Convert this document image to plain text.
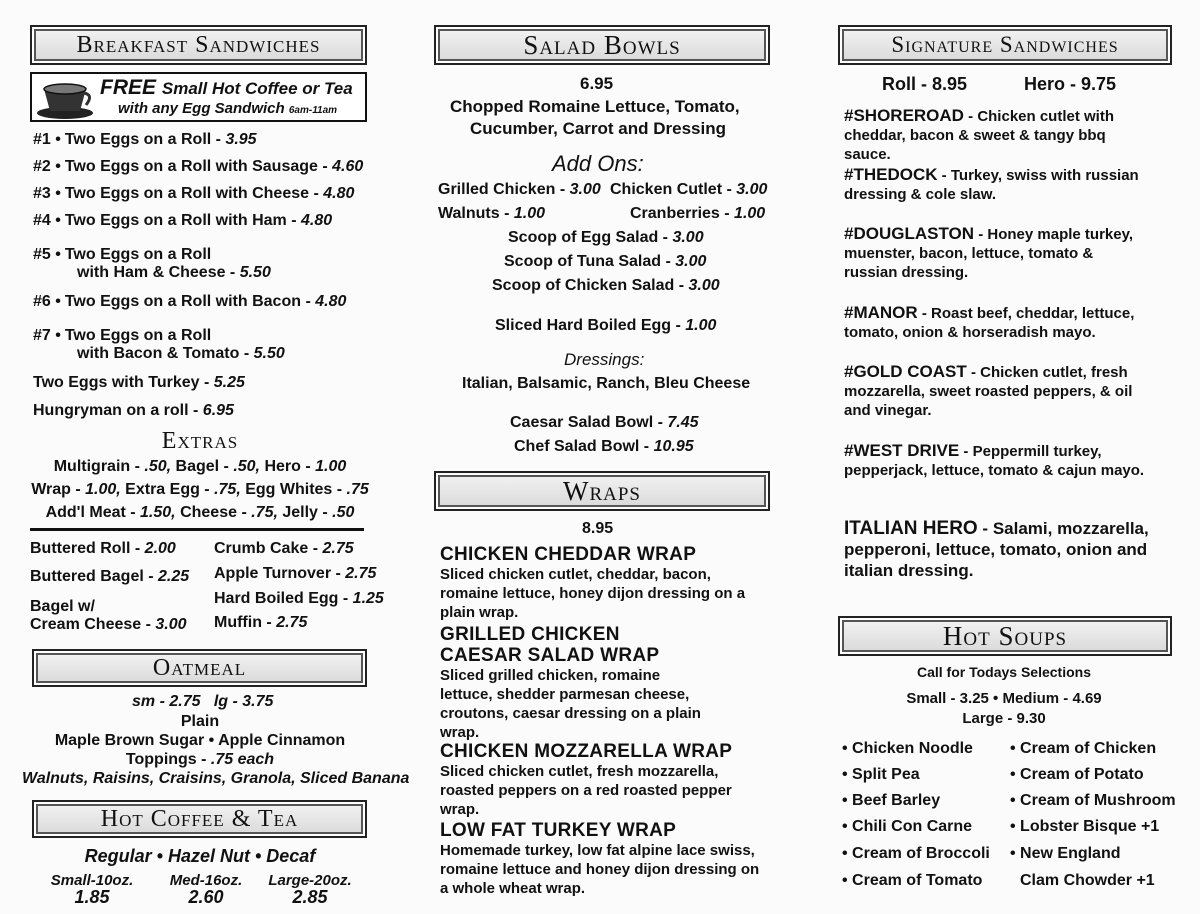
Breakfast Sandwiches
FREE Small Hot Coffee or Tea
with any Egg Sandwich 6am-11am
#1 • Two Eggs on a Roll - 3.95
#2 • Two Eggs on a Roll with Sausage - 4.60
#3 • Two Eggs on a Roll with Cheese - 4.80
#4 • Two Eggs on a Roll with Ham - 4.80
#5 • Two Eggs on a Roll
with Ham & Cheese - 5.50
#6 • Two Eggs on a Roll with Bacon - 4.80
#7 • Two Eggs on a Roll
with Bacon & Tomato - 5.50
Two Eggs with Turkey - 5.25
Hungryman on a roll - 6.95
Extras
Multigrain - .50, Bagel - .50, Hero - 1.00
Wrap - 1.00, Extra Egg - .75, Egg Whites - .75
Add'l Meat - 1.50, Cheese - .75, Jelly - .50
Buttered Roll - 2.00
Buttered Bagel - 2.25
Bagel w/
Cream Cheese - 3.00
Crumb Cake - 2.75
Apple Turnover - 2.75
Hard Boiled Egg - 1.25
Muffin - 2.75
Oatmeal
sm - 2.75 lg - 3.75
Plain
Maple Brown Sugar • Apple Cinnamon
Toppings - .75 each
Walnuts, Raisins, Craisins, Granola, Sliced Banana
Hot Coffee & Tea
Regular • Hazel Nut • Decaf
Small-10oz.
1.85
Med-16oz.
2.60
Large-20oz.
2.85
Salad Bowls
6.95
Chopped Romaine Lettuce, Tomato,
Cucumber, Carrot and Dressing
Add Ons:
Grilled Chicken - 3.00 Chicken Cutlet - 3.00
Walnuts - 1.00	Cranberries - 1.00
Scoop of Egg Salad - 3.00
Scoop of Tuna Salad - 3.00
Scoop of Chicken Salad - 3.00
Sliced Hard Boiled Egg - 1.00
Dressings:
Italian, Balsamic, Ranch, Bleu Cheese
Caesar Salad Bowl - 7.45
Chef Salad Bowl - 10.95
Wraps
8.95
CHICKEN CHEDDAR WRAP
Sliced chicken cutlet, cheddar, bacon, romaine lettuce, honey dijon dressing on a plain wrap.
GRILLED CHICKEN
CAESAR SALAD WRAP
Sliced grilled chicken, romaine lettuce, shedder parmesan cheese, croutons, caesar dressing on a plain wrap.
CHICKEN MOZZARELLA WRAP
Sliced chicken cutlet, fresh mozzarella, roasted peppers on a red roasted pepper wrap.
LOW FAT TURKEY WRAP
Homemade turkey, low fat alpine lace swiss, romaine lettuce and honey dijon dressing on a whole wheat wrap.
Signature Sandwiches
Roll - 8.95	Hero - 9.75
#SHOREROAD - Chicken cutlet with cheddar, bacon & sweet & tangy bbq sauce.
#THEDOCK - Turkey, swiss with russian dressing & cole slaw.
#DOUGLASTON - Honey maple turkey, muenster, bacon, lettuce, tomato & russian dressing.
#MANOR - Roast beef, cheddar, lettuce, tomato, onion & horseradish mayo.
#GOLD COAST - Chicken cutlet, fresh mozzarella, sweet roasted peppers, & oil and vinegar.
#WEST DRIVE - Peppermill turkey, pepperjack, lettuce, tomato & cajun mayo.
ITALIAN HERO - Salami, mozzarella, pepperoni, lettuce, tomato, onion and italian dressing.
Hot Soups
Call for Todays Selections
Small - 3.25 • Medium - 4.69
Large - 9.30
• Chicken Noodle
• Split Pea
• Beef Barley
• Chili Con Carne
• Cream of Broccoli
• Cream of Tomato
• Cream of Chicken
• Cream of Potato
• Cream of Mushroom
• Lobster Bisque +1
• New England
Clam Chowder +1
